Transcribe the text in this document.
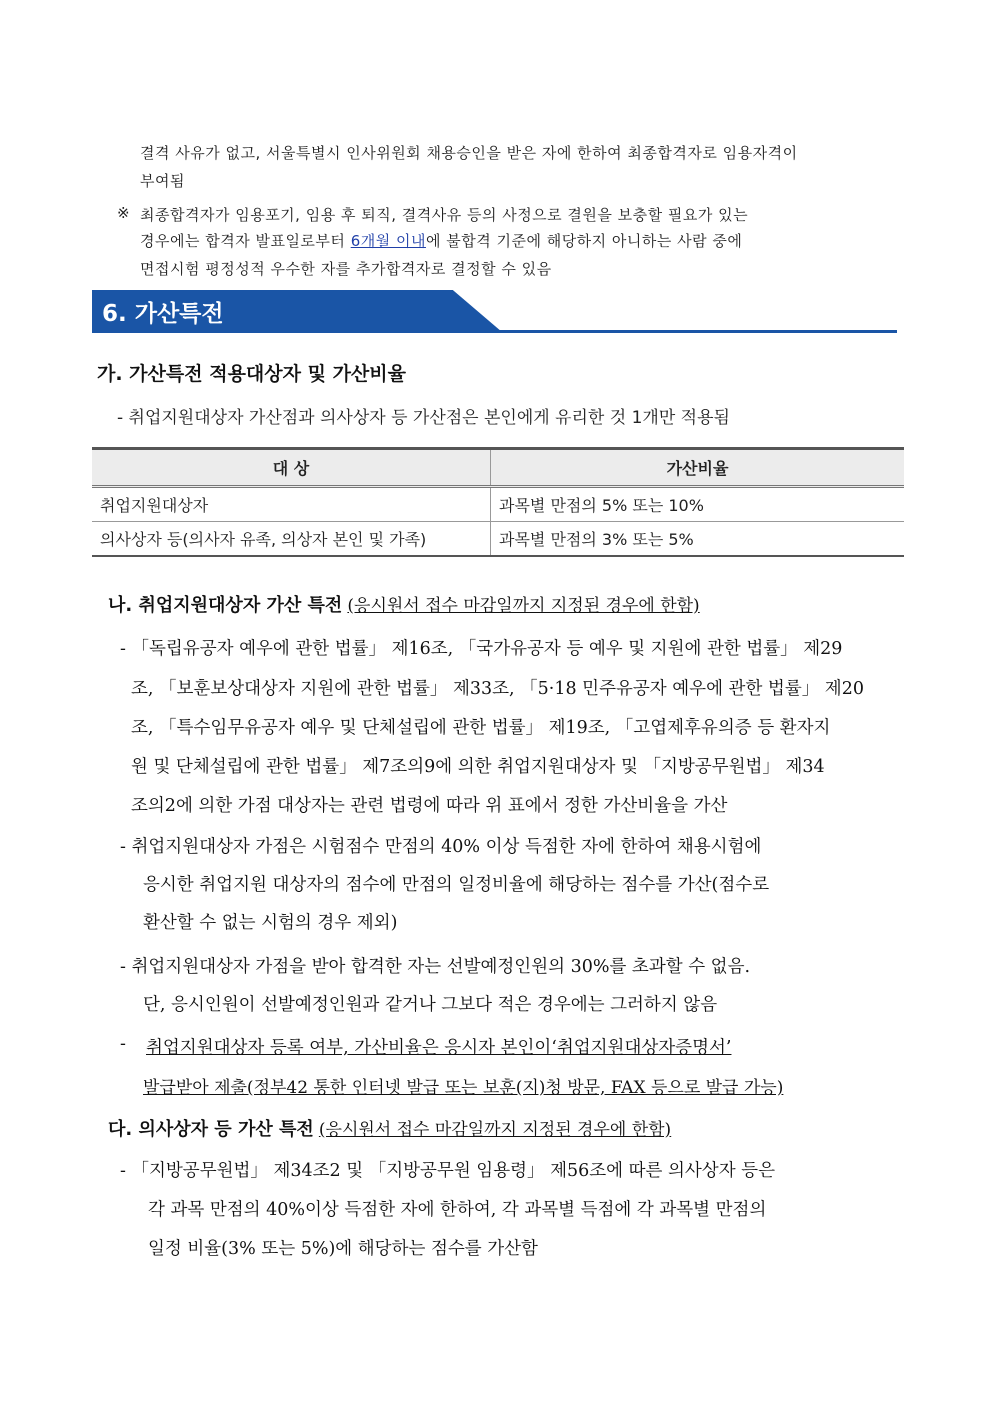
결격 사유가 없고, 서울특별시 인사위원회 채용승인을 받은 자에 한하여 최종합격자로 임용자격이
부여됨
※ 최종합격자가 임용포기, 임용 후 퇴직, 결격사유 등의 사정으로 결원을 보충할 필요가 있는
경우에는 합격자 발표일로부터 6개월 이내에 불합격 기준에 해당하지 아니하는 사람 중에
면접시험 평정성적 우수한 자를 추가합격자로 결정할 수 있음
6. 가산특전
가. 가산특전 적용대상자 및 가산비율
- 취업지원대상자 가산점과 의사상자 등 가산점은 본인에게 유리한 것 1개만 적용됨
대 상	가산비율
취업지원대상자	과목별 만점의 5% 또는 10%
의사상자 등(의사자 유족, 의상자 본인 및 가족)	과목별 만점의 3% 또는 5%
나. 취업지원대상자 가산 특전 (응시원서 접수 마감일까지 지정된 경우에 한함)
- 「독립유공자 예우에 관한 법률」 제16조, 「국가유공자 등 예우 및 지원에 관한 법률」 제29
조, 「보훈보상대상자 지원에 관한 법률」 제33조, 「5·18 민주유공자 예우에 관한 법률」 제20
조, 「특수임무유공자 예우 및 단체설립에 관한 법률」 제19조, 「고엽제후유의증 등 환자지
원 및 단체설립에 관한 법률」 제7조의9에 의한 취업지원대상자 및 「지방공무원법」 제34
조의2에 의한 가점 대상자는 관련 법령에 따라 위 표에서 정한 가산비율을 가산
- 취업지원대상자 가점은 시험점수 만점의 40% 이상 득점한 자에 한하여 채용시험에
응시한 취업지원 대상자의 점수에 만점의 일정비율에 해당하는 점수를 가산(점수로
환산할 수 없는 시험의 경우 제외)
- 취업지원대상자 가점을 받아 합격한 자는 선발예정인원의 30%를 초과할 수 없음.
단, 응시인원이 선발예정인원과 같거나 그보다 적은 경우에는 그러하지 않음
- 취업지원대상자 등록 여부, 가산비율은 응시자 본인이‘취업지원대상자증명서’
발급받아 제출(정부42 통한 인터넷 발급 또는 보훈(지)청 방문, FAX 등으로 발급 가능)
다. 의사상자 등 가산 특전 (응시원서 접수 마감일까지 지정된 경우에 한함)
- 「지방공무원법」 제34조2 및 「지방공무원 임용령」 제56조에 따른 의사상자 등은
각 과목 만점의 40%이상 득점한 자에 한하여, 각 과목별 득점에 각 과목별 만점의
일정 비율(3% 또는 5%)에 해당하는 점수를 가산함
